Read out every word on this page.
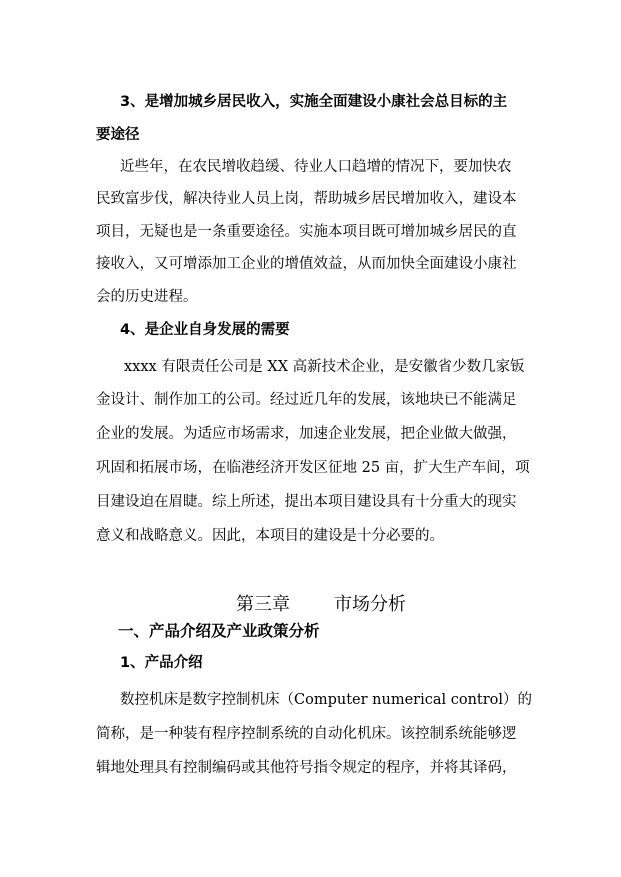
3、是增加城乡居民收入，实施全面建设小康社会总目标的主
要途径
近些年，在农民增收趋缓、待业人口趋增的情况下，要加快农
民致富步伐，解决待业人员上岗，帮助城乡居民增加收入，建设本
项目，无疑也是一条重要途径。实施本项目既可增加城乡居民的直
接收入，又可增添加工企业的增值效益，从而加快全面建设小康社
会的历史进程。
4、是企业自身发展的需要
xxxx 有限责任公司是 XX 高新技术企业，是安徽省少数几家钣
金设计、制作加工的公司。经过近几年的发展，该地块已不能满足
企业的发展。为适应市场需求，加速企业发展，把企业做大做强，
巩固和拓展市场，在临港经济开发区征地 25 亩，扩大生产车间，项
目建设迫在眉睫。综上所述，提出本项目建设具有十分重大的现实
意义和战略意义。因此，本项目的建设是十分必要的。
第三章 市场分析
一、产品介绍及产业政策分析
1、产品介绍
数控机床是数字控制机床（Computer numerical control）的
简称，是一种装有程序控制系统的自动化机床。该控制系统能够逻
辑地处理具有控制编码或其他符号指令规定的程序，并将其译码，
